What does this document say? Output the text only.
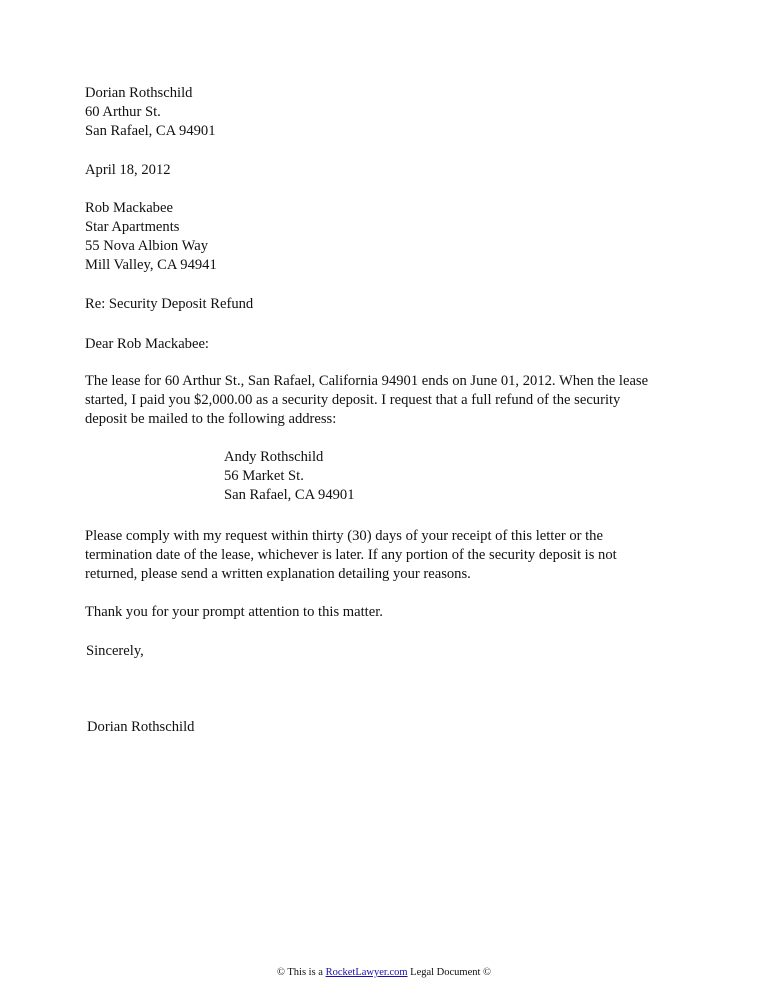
Dorian Rothschild
60 Arthur St.
San Rafael, CA 94901
April 18, 2012
Rob Mackabee
Star Apartments
55 Nova Albion Way
Mill Valley, CA 94941
Re: Security Deposit Refund
Dear Rob Mackabee:
The lease for 60 Arthur St., San Rafael, California 94901 ends on June 01, 2012. When the lease
started, I paid you $2,000.00 as a security deposit. I request that a full refund of the security
deposit be mailed to the following address:
Andy Rothschild
56 Market St.
San Rafael, CA 94901
Please comply with my request within thirty (30) days of your receipt of this letter or the
termination date of the lease, whichever is later. If any portion of the security deposit is not
returned, please send a written explanation detailing your reasons.
Thank you for your prompt attention to this matter.
Sincerely,
Dorian Rothschild
© This is a RocketLawyer.com Legal Document ©
